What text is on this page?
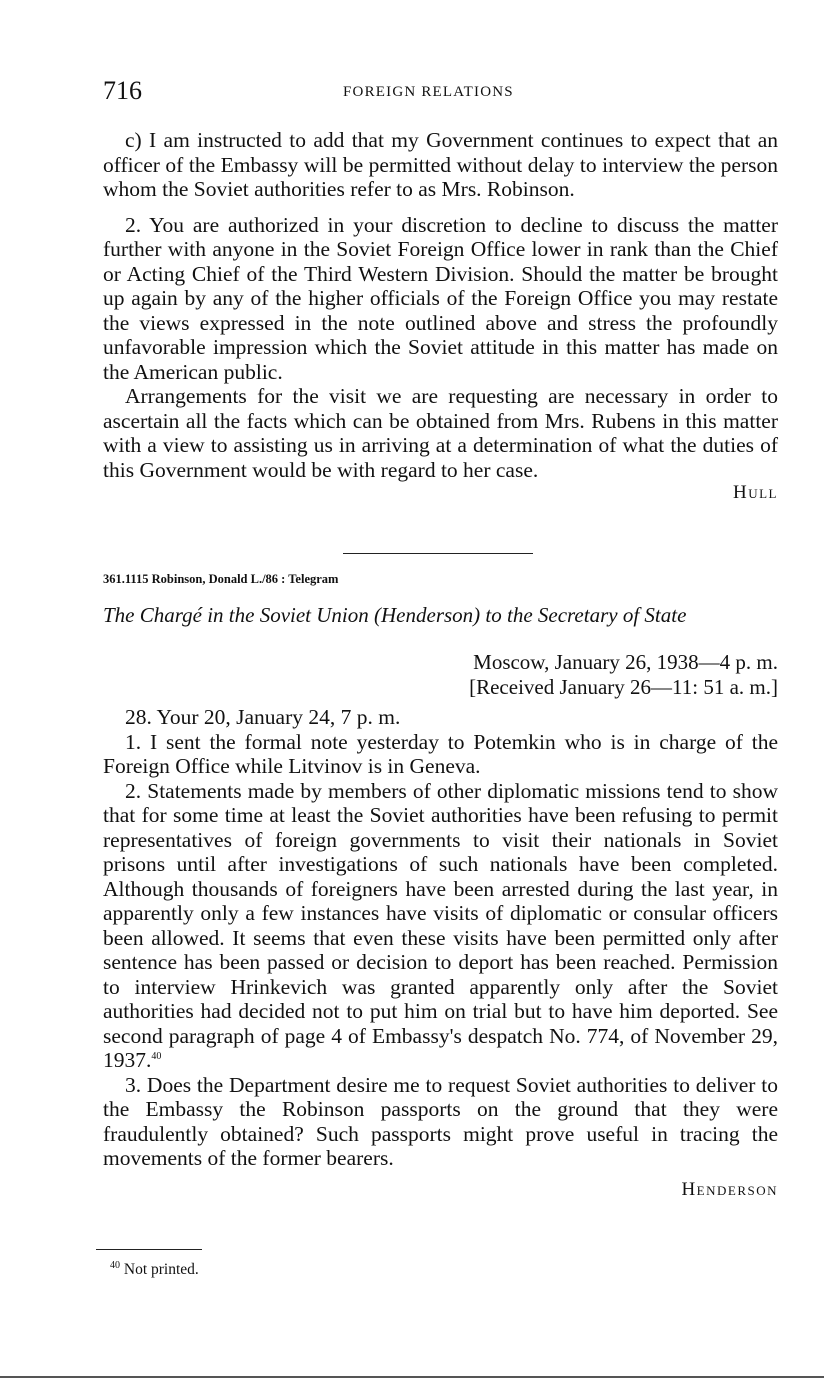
716	FOREIGN RELATIONS

c) I am instructed to add that my Government continues to expect that an officer of the Embassy will be permitted without delay to interview the person whom the Soviet authorities refer to as Mrs. Robinson.

2. You are authorized in your discretion to decline to discuss the matter further with anyone in the Soviet Foreign Office lower in rank than the Chief or Acting Chief of the Third Western Division. Should the matter be brought up again by any of the higher officials of the Foreign Office you may restate the views expressed in the note outlined above and stress the profoundly unfavorable impression which the Soviet attitude in this matter has made on the American public.

Arrangements for the visit we are requesting are necessary in order to ascertain all the facts which can be obtained from Mrs. Rubens in this matter with a view to assisting us in arriving at a determination of what the duties of this Government would be with regard to her case.

Hull
361.1115 Robinson, Donald L./86 : Telegram
The Chargé in the Soviet Union (Henderson) to the Secretary of State
Moscow, January 26, 1938—4 p. m.
[Received January 26—11: 51 a. m.]

28. Your 20, January 24, 7 p. m.

1. I sent the formal note yesterday to Potemkin who is in charge of the Foreign Office while Litvinov is in Geneva.

2. Statements made by members of other diplomatic missions tend to show that for some time at least the Soviet authorities have been refusing to permit representatives of foreign governments to visit their nationals in Soviet prisons until after investigations of such nationals have been completed. Although thousands of foreigners have been arrested during the last year, in apparently only a few instances have visits of diplomatic or consular officers been allowed. It seems that even these visits have been permitted only after sentence has been passed or decision to deport has been reached. Permission to interview Hrinkevich was granted apparently only after the Soviet authorities had decided not to put him on trial but to have him deported. See second paragraph of page 4 of Embassy's despatch No. 774, of November 29, 1937.40

3. Does the Department desire me to request Soviet authorities to deliver to the Embassy the Robinson passports on the ground that they were fraudulently obtained? Such passports might prove useful in tracing the movements of the former bearers.

Henderson
$^{40}$ Not printed.
